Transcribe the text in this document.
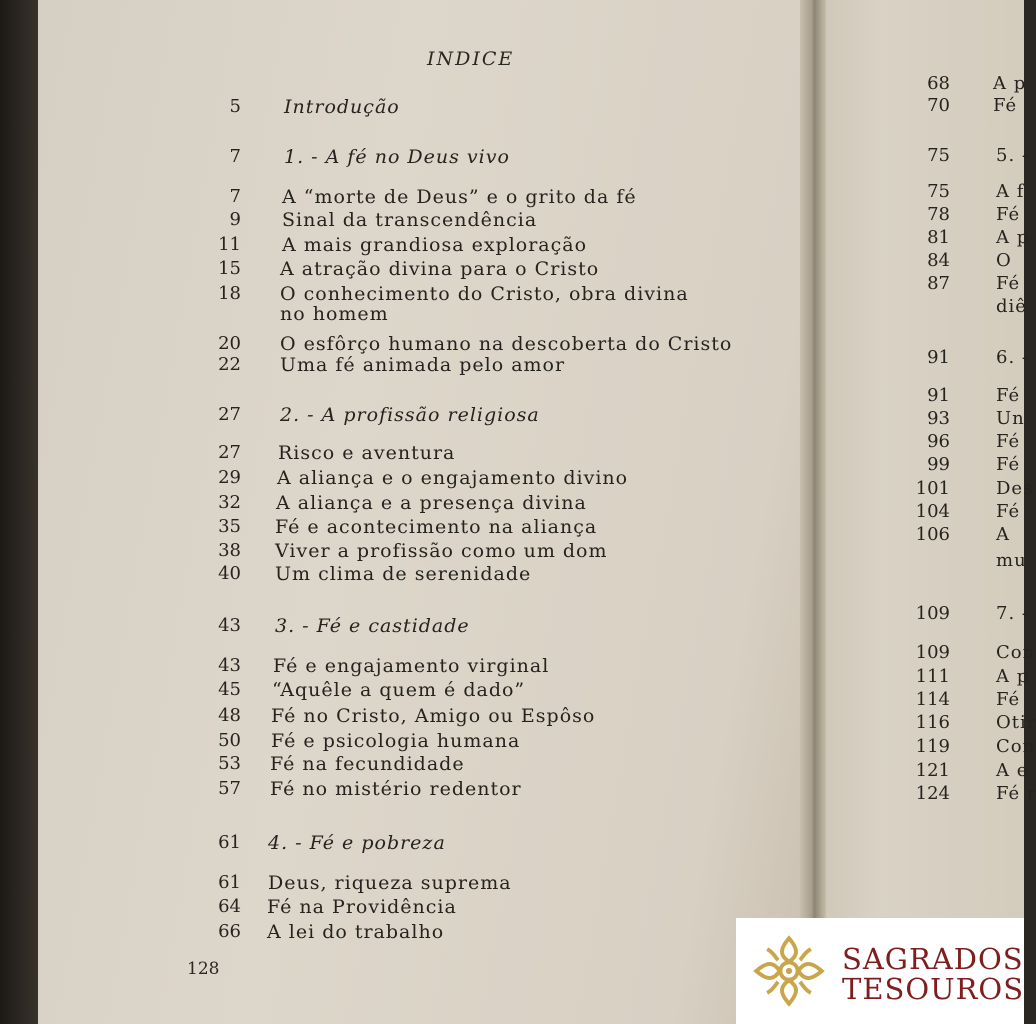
INDICE
5 Introdução
7 1. - A fé no Deus vivo
7 A “morte de Deus” e o grito da fé
9 Sinal da transcendência
11 A mais grandiosa exploração
15 A atração divina para o Cristo
18 O conhecimento do Cristo, obra divina
no homem
20 O esfôrço humano na descoberta do Cristo
22 Uma fé animada pelo amor
27 2. - A profissão religiosa
27 Risco e aventura
29 A aliança e o engajamento divino
32 A aliança e a presença divina
35 Fé e acontecimento na aliança
38 Viver a profissão como um dom
40 Um clima de serenidade
43 3. - Fé e castidade
43 Fé e engajamento virginal
45 “Aquêle a quem é dado”
48 Fé no Cristo, Amigo ou Espôso
50 Fé e psicologia humana
53 Fé na fecundidade
57 Fé no mistério redentor
61 4. - Fé e pobreza
61 Deus, riqueza suprema
64 Fé na Providência
66 A lei do trabalho
68 A p
70 Fé
75	5. -
75	A f
78	Fé
81	A p
84	O
87	Fé
diê
91	6. -
91	Fé
93	Un
96	Fé
99	Fé
101	Des
104	Fé
106	A
mu
109	7. -
109	Con
111	A p
114	Fé
116	Otir
119	Con
121	A e
124	Fé r
128	SAGRADOS
TESOUROS
